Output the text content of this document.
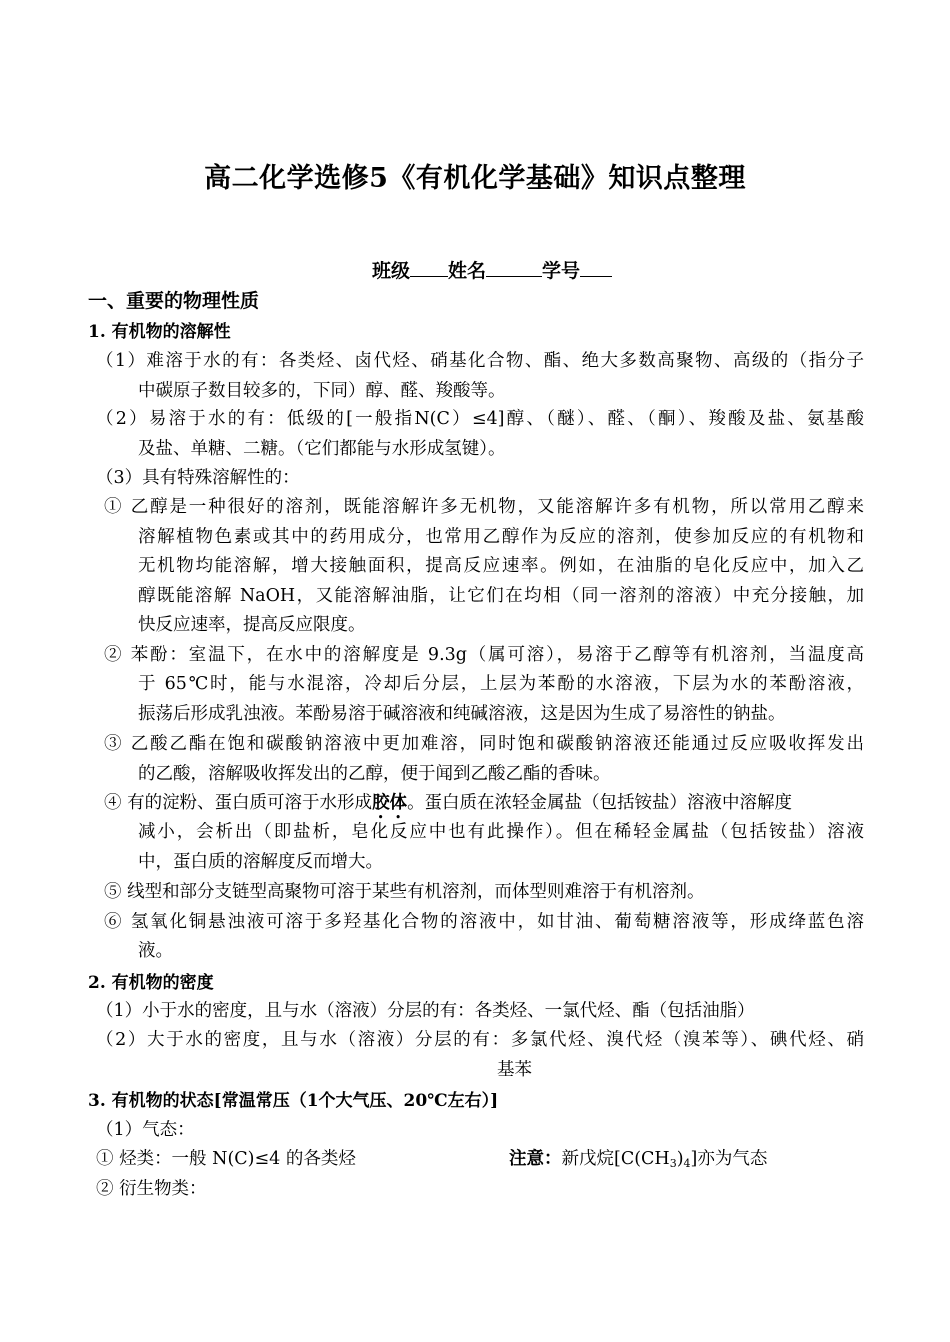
高二化学选修5《有机化学基础》知识点整理
班级 姓名	学号
一、重要的物理性质
1. 有机物的溶解性
（1）难溶于水的有：各类烃、卤代烃、硝基化合物、酯、绝大多数高聚物、高级的（指分子
中碳原子数目较多的，下同）醇、醛、羧酸等。
（2）易溶于水的有：低级的[一般指N(C）≤4]醇、（醚）、醛、（酮）、羧酸及盐、氨基酸
及盐、单糖、二糖。（它们都能与水形成氢键）。
（3）具有特殊溶解性的：
① 乙醇是一种很好的溶剂，既能溶解许多无机物，又能溶解许多有机物，所以常用乙醇来
溶解植物色素或其中的药用成分，也常用乙醇作为反应的溶剂，使参加反应的有机物和
无机物均能溶解，增大接触面积，提高反应速率。例如，在油脂的皂化反应中，加入乙
醇既能溶解 NaOH，又能溶解油脂，让它们在均相（同一溶剂的溶液）中充分接触，加
快反应速率，提高反应限度。
② 苯酚：室温下，在水中的溶解度是 9.3g（属可溶），易溶于乙醇等有机溶剂，当温度高
于 65℃时，能与水混溶，冷却后分层，上层为苯酚的水溶液，下层为水的苯酚溶液，
振荡后形成乳浊液。苯酚易溶于碱溶液和纯碱溶液，这是因为生成了易溶性的钠盐。
③ 乙酸乙酯在饱和碳酸钠溶液中更加难溶，同时饱和碳酸钠溶液还能通过反应吸收挥发出
的乙酸，溶解吸收挥发出的乙醇，便于闻到乙酸乙酯的香味。
④ 有的淀粉、蛋白质可溶于水形成胶体。蛋白质在浓轻金属盐（包括铵盐）溶液中溶解度
减小，会析出（即盐析，皂化反应中也有此操作）。但在稀轻金属盐（包括铵盐）溶液
中，蛋白质的溶解度反而增大。
⑤ 线型和部分支链型高聚物可溶于某些有机溶剂，而体型则难溶于有机溶剂。
⑥ 氢氧化铜悬浊液可溶于多羟基化合物的溶液中，如甘油、葡萄糖溶液等，形成绛蓝色溶
液。
2. 有机物的密度
（1）小于水的密度，且与水（溶液）分层的有：各类烃、一氯代烃、酯（包括油脂）
（2）大于水的密度，且与水（溶液）分层的有：多氯代烃、溴代烃（溴苯等）、碘代烃、硝
基苯
3. 有机物的状态[常温常压（1个大气压、20℃左右）]
（1）气态：
① 烃类：一般 N(C)≤4 的各类烃	注意：新戊烷$[C(CH_3)_4]$亦为气态
② 衍生物类：
